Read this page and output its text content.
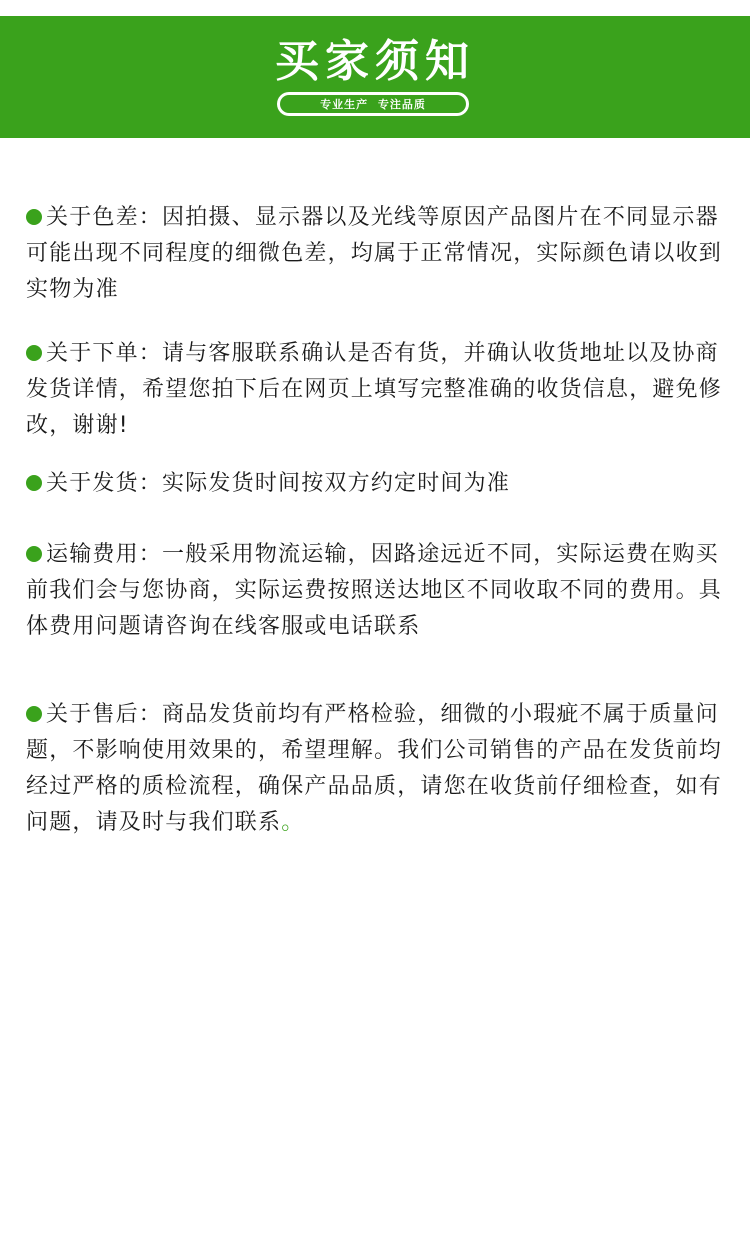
买家须知
专业生产  专注品质

关于色差：因拍摄、显示器以及光线等原因产品图片在不同显示器可能出现不同程度的细微色差，均属于正常情况，实际颜色请以收到实物为准

关于下单：请与客服联系确认是否有货，并确认收货地址以及协商发货详情，希望您拍下后在网页上填写完整准确的收货信息，避免修改，谢谢!

关于发货：实际发货时间按双方约定时间为准

运输费用：一般采用物流运输，因路途远近不同，实际运费在购买前我们会与您协商，实际运费按照送达地区不同收取不同的费用。具体费用问题请咨询在线客服或电话联系

关于售后：商品发货前均有严格检验，细微的小瑕疵不属于质量问题，不影响使用效果的，希望理解。我们公司销售的产品在发货前均经过严格的质检流程，确保产品品质，请您在收货前仔细检查，如有问题，请及时与我们联系。
